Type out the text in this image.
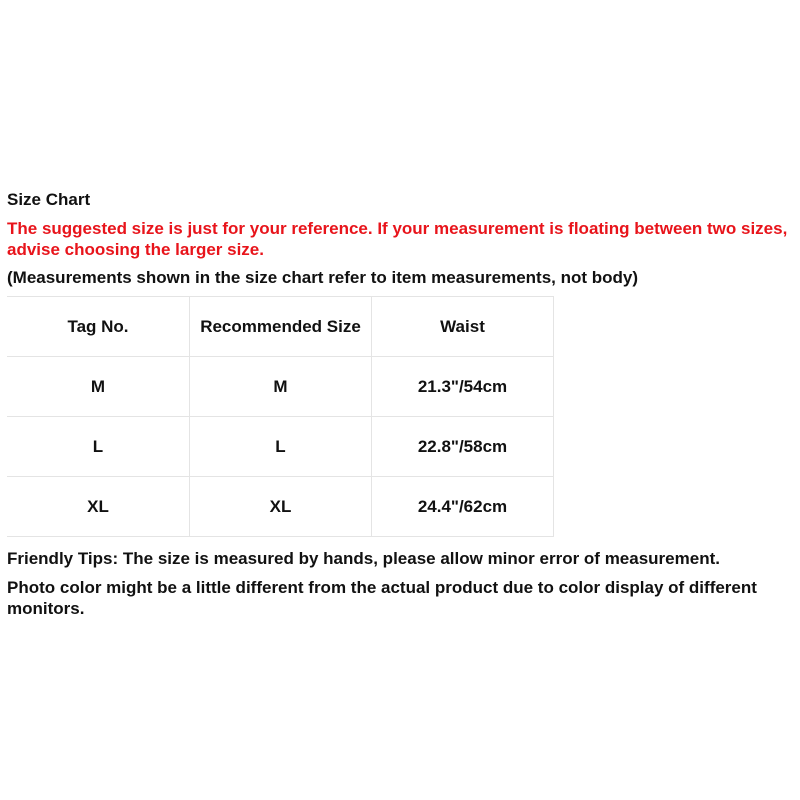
Size Chart

The suggested size is just for your reference. If your measurement is floating between two sizes, advise choosing the larger size.

(Measurements shown in the size chart refer to item measurements, not body)

Tag No.	Recommended Size	Waist
M	M	21.3"/54cm
L	L	22.8"/58cm
XL	XL	24.4"/62cm

Friendly Tips: The size is measured by hands, please allow minor error of measurement.

Photo color might be a little different from the actual product due to color display of different monitors.
